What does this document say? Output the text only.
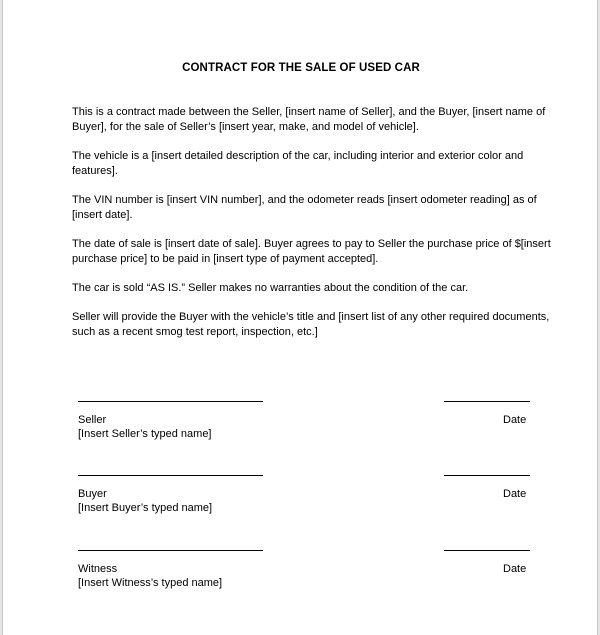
CONTRACT FOR THE SALE OF USED CAR

This is a contract made between the Seller, [insert name of Seller], and the Buyer, [insert name of Buyer], for the sale of Seller’s [insert year, make, and model of vehicle].

The vehicle is a [insert detailed description of the car, including interior and exterior color and features].

The VIN number is [insert VIN number], and the odometer reads [insert odometer reading] as of [insert date].

The date of sale is [insert date of sale]. Buyer agrees to pay to Seller the purchase price of $[insert purchase price] to be paid in [insert type of payment accepted].

The car is sold “AS IS.” Seller makes no warranties about the condition of the car.

Seller will provide the Buyer with the vehicle’s title and [insert list of any other required documents, such as a recent smog test report, inspection, etc.]

Seller
[Insert Seller’s typed name]
Date
Buyer
[Insert Buyer’s typed name]
Date
Witness
[Insert Witness’s typed name]
Date
